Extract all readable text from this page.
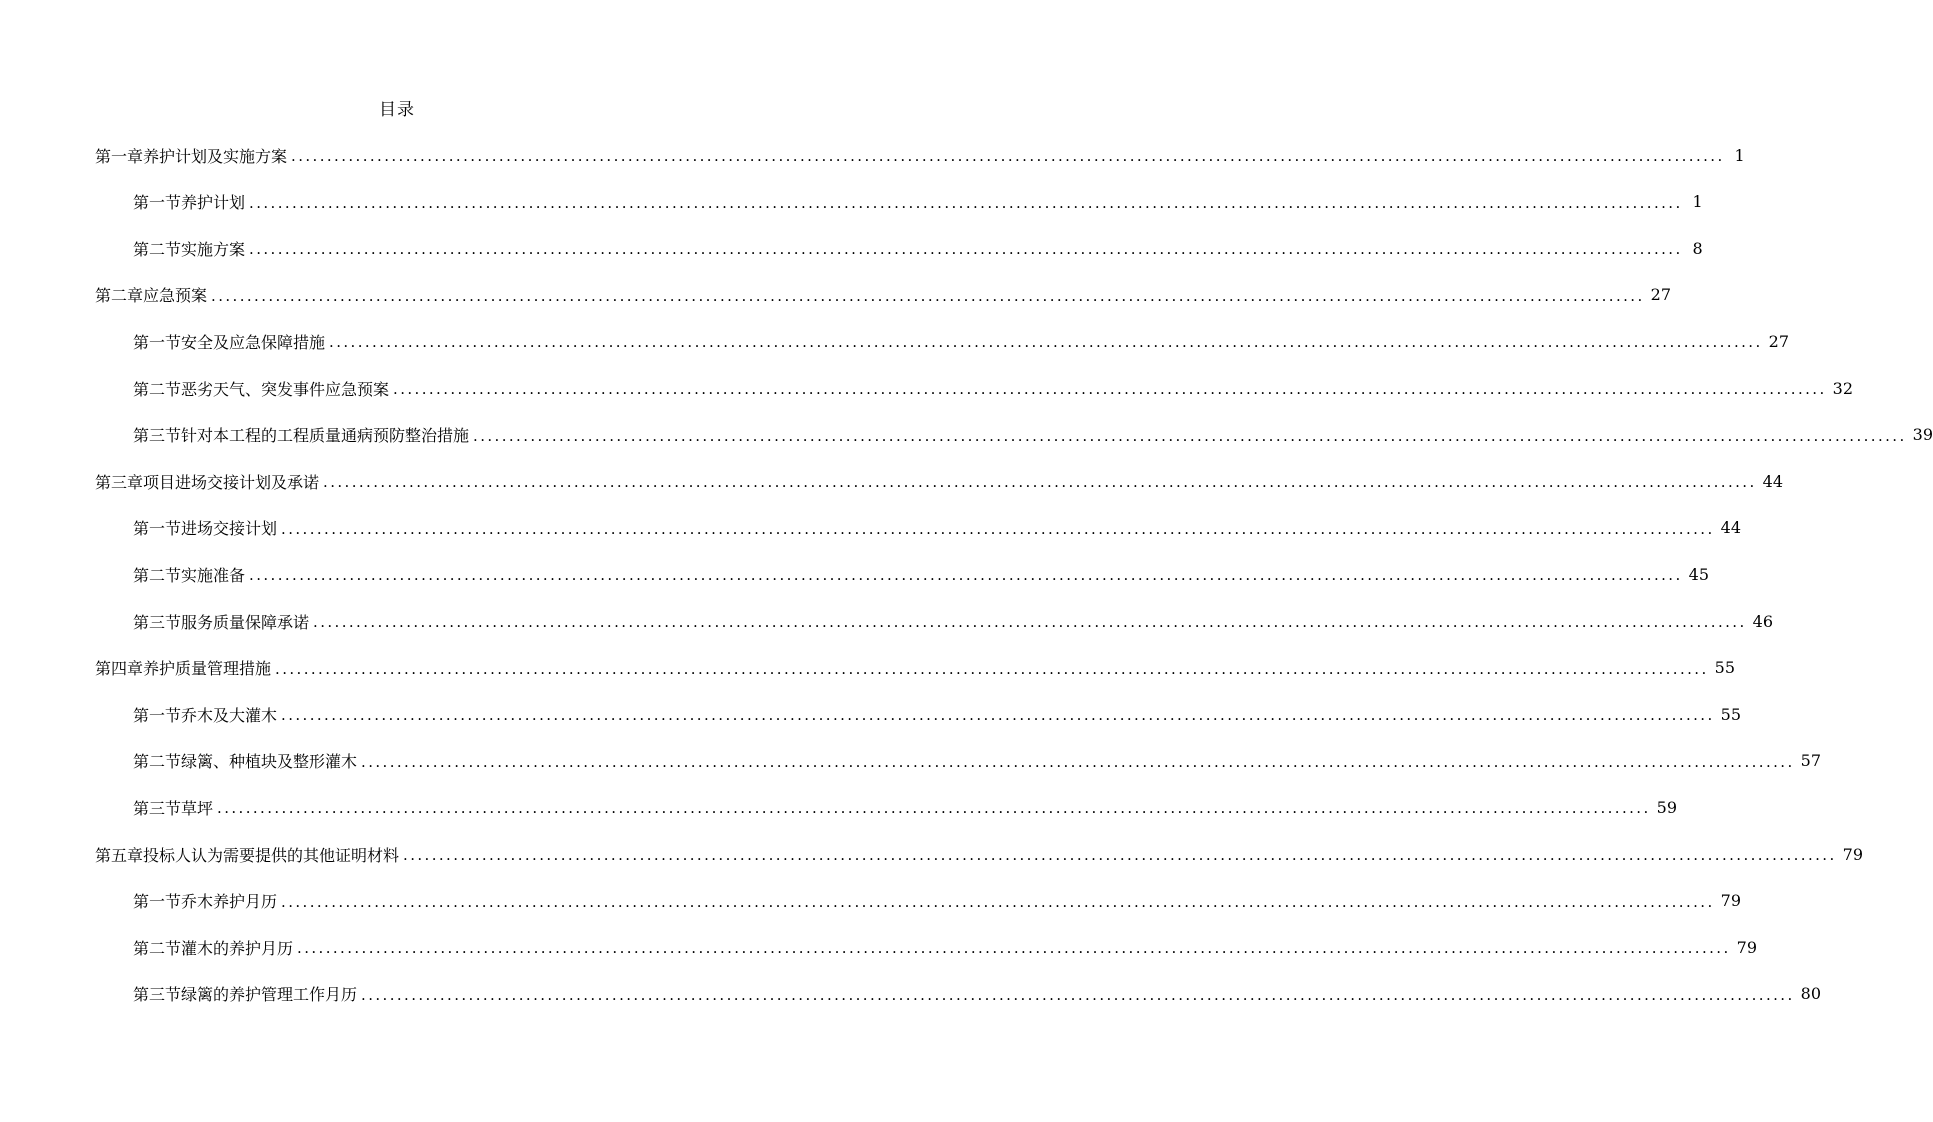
目录
第一章 养护计划及实施方案 ........................................................................................................................................................................................................ 1
第一节 养护计划 ........................................................................................................................................................................................................ 1
第二节 实施方案 ........................................................................................................................................................................................................ 8
第二章 应急预案 ........................................................................................................................................................................................................ 27
第一节 安全及应急保障措施 ........................................................................................................................................................................................................ 27
第二节 恶劣天气、突发事件应急预案 ........................................................................................................................................................................................................ 32
第三节 针对本工程的工程质量通病预防整治措施 ........................................................................................................................................................................................................ 39
第三章 项目进场交接计划及承诺 ........................................................................................................................................................................................................ 44
第一节 进场交接计划 ........................................................................................................................................................................................................ 44
第二节 实施准备 ........................................................................................................................................................................................................ 45
第三节 服务质量保障承诺 ........................................................................................................................................................................................................ 46
第四章 养护质量管理措施 ........................................................................................................................................................................................................ 55
第一节 乔木及大灌木 ........................................................................................................................................................................................................ 55
第二节 绿篱、种植块及整形灌木 ........................................................................................................................................................................................................ 57
第三节 草坪 ........................................................................................................................................................................................................ 59
第五章 投标人认为需要提供的其他证明材料 ........................................................................................................................................................................................................ 79
第一节 乔木养护月历 ........................................................................................................................................................................................................ 79
第二节 灌木的养护月历 ........................................................................................................................................................................................................ 79
第三节 绿篱的养护管理工作月历 ........................................................................................................................................................................................................ 80
